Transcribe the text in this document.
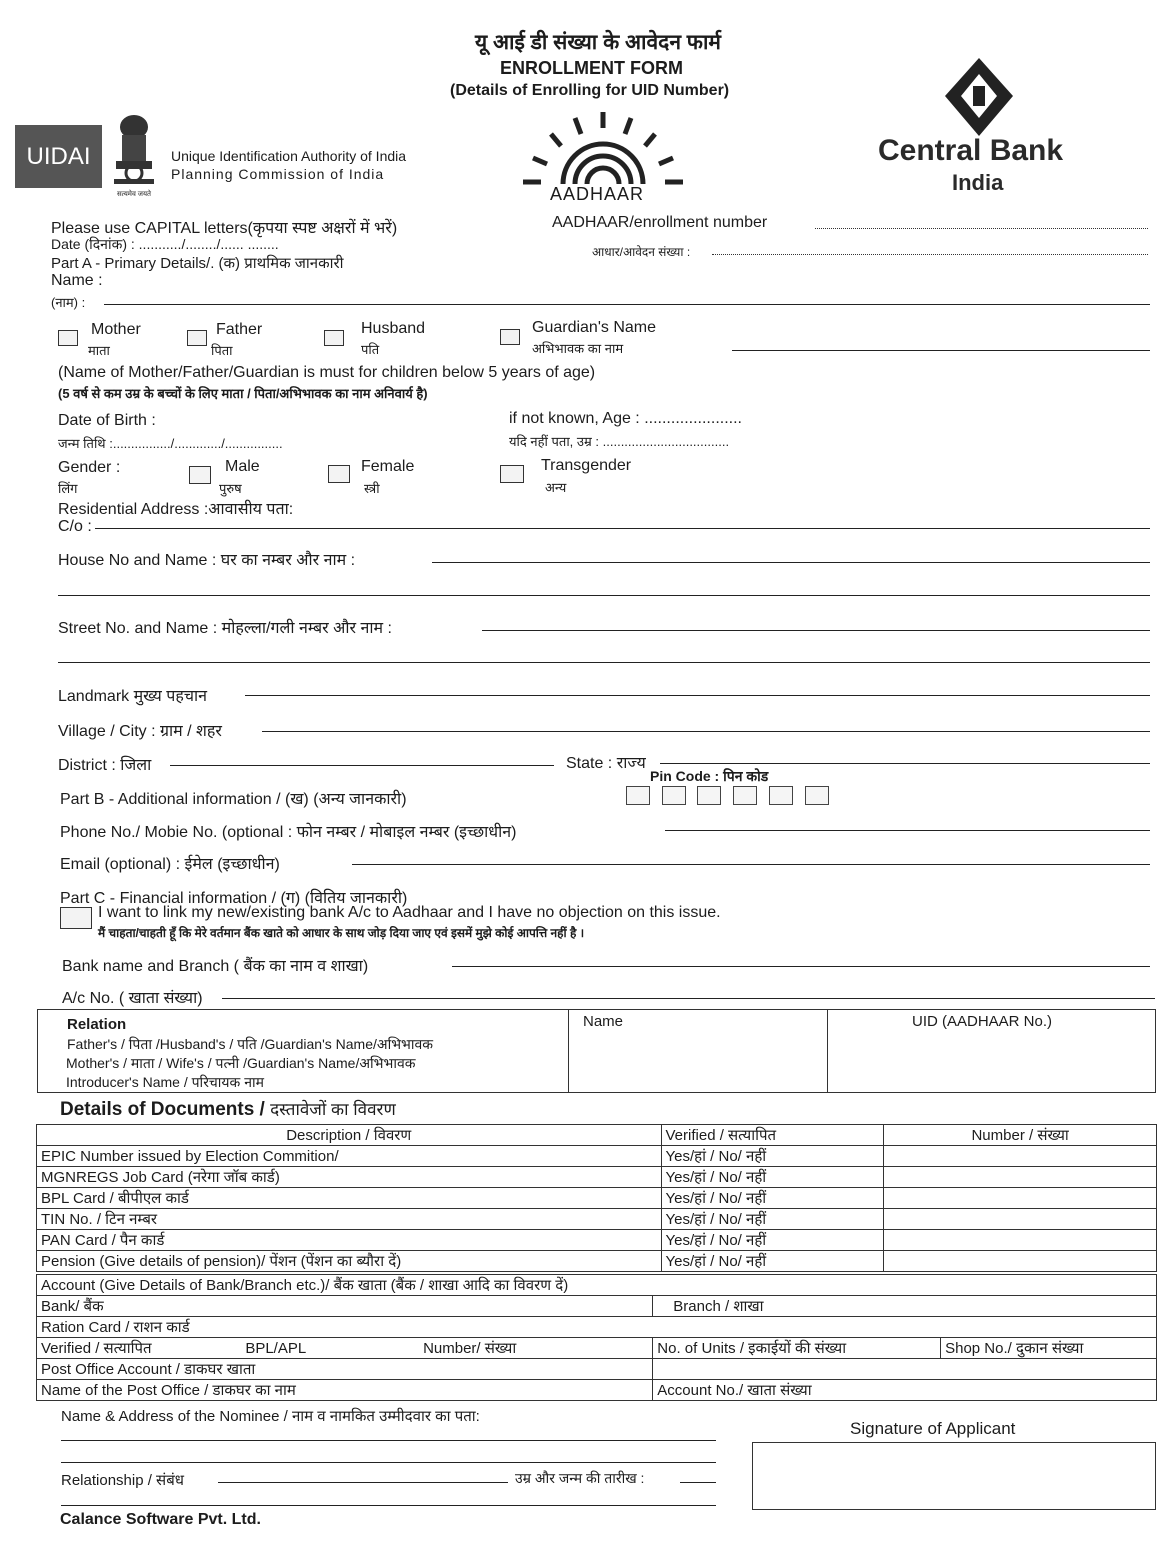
यू आई डी संख्या के आवेदन फार्म
ENROLLMENT FORM
(Details of Enrolling for UID Number)
UIDAI
सत्यमेव जयते
Unique Identification Authority of India
Planning Commission of India
AADHAAR
Central Bank
India
Please use CAPITAL letters(कृपया स्पष्ट अक्षरों में भरें)
Date (दिनांक) : .........../......../...... ........
Part A - Primary Details/. (क) प्राथमिक जानकारी
Name :
(नाम) :
AADHAAR/enrollment number
आधार/आवेदन संख्या :
Mother
माता
Father
पिता
Husband
पति
Guardian's Name
अभिभावक का नाम
(Name of Mother/Father/Guardian is must for children below 5 years of age)
(5 वर्ष से कम उम्र के बच्चों के लिए माता / पिता/अभिभावक का नाम अनिवार्य है)
Date of Birth :
जन्म तिथि :................/............./................
if not known, Age : ......................
यदि नहीं पता, उम्र : ...................................
Gender :
लिंग
Male
पुरुष
Female
स्त्री
Transgender
अन्य
Residential Address :आवासीय पता:
C/o :
House No and Name : घर का नम्बर और नाम :
Street No. and Name : मोहल्ला/गली नम्बर और नाम :
Landmark मुख्य पहचान
Village / City : ग्राम / शहर
District : जिला	State : राज्य
Pin Code : पिन कोड
Part B - Additional information / (ख) (अन्य जानकारी)
Phone No./ Mobie No. (optional : फोन नम्बर / मोबाइल नम्बर (इच्छाधीन)
Email (optional) : ईमेल (इच्छाधीन)
Part C - Financial information / (ग) (वितिय जानकारी)
I want to link my new/existing bank A/c to Aadhaar and I have no objection on this issue.
मैं चाहता/चाहती हूँ कि मेरे वर्तमान बैंक खाते को आधार के साथ जोड़ दिया जाए एवं इसमें मुझे कोई आपत्ति नहीं है ।
Bank name and Branch ( बैंक का नाम व शाखा)
A/c No. ( खाता संख्या)
Relation
Father's / पिता /Husband's / पति /Guardian's Name/अभिभावक
Mother's / माता / Wife's / पत्नी /Guardian's Name/अभिभावक
Introducer's Name / परिचायक नाम
Name	UID (AADHAAR No.)
Details of Documents / दस्तावेजों का विवरण
Description / विवरण	Verified / सत्यापित	Number / संख्या
EPIC Number issued by Election Commition/	Yes/हां / No/ नहीं	
MGNREGS Job Card (नरेगा जॉब कार्ड)	Yes/हां / No/ नहीं	
BPL Card / बीपीएल कार्ड	Yes/हां / No/ नहीं	
TIN No. / टिन नम्बर	Yes/हां / No/ नहीं	
PAN Card / पैन कार्ड	Yes/हां / No/ नहीं	
Pension (Give details of pension)/ पेंशन (पेंशन का ब्यौरा दें)	Yes/हां / No/ नहीं	
Account (Give Details of Bank/Branch etc.)/ बैंक खाता (बैंक / शाखा आदि का विवरण दें)				
Bank/ बैंक			Branch / शाखा	
Ration Card / राशन कार्ड				
Verified / सत्यापित	BPL/APL	Number/ संख्या	No. of Units / इकाईयों की संख्या	Shop No./ दुकान संख्या
Post Office Account / डाकघर खाता				
Name of the Post Office / डाकघर का नाम			Account No./ खाता संख्या	
Name & Address of the Nominee / नाम व नामकित उम्मीदवार का पता:
Relationship / संबंध	उम्र और जन्म की तारीख :
Signature of Applicant
Calance Software Pvt. Ltd.
